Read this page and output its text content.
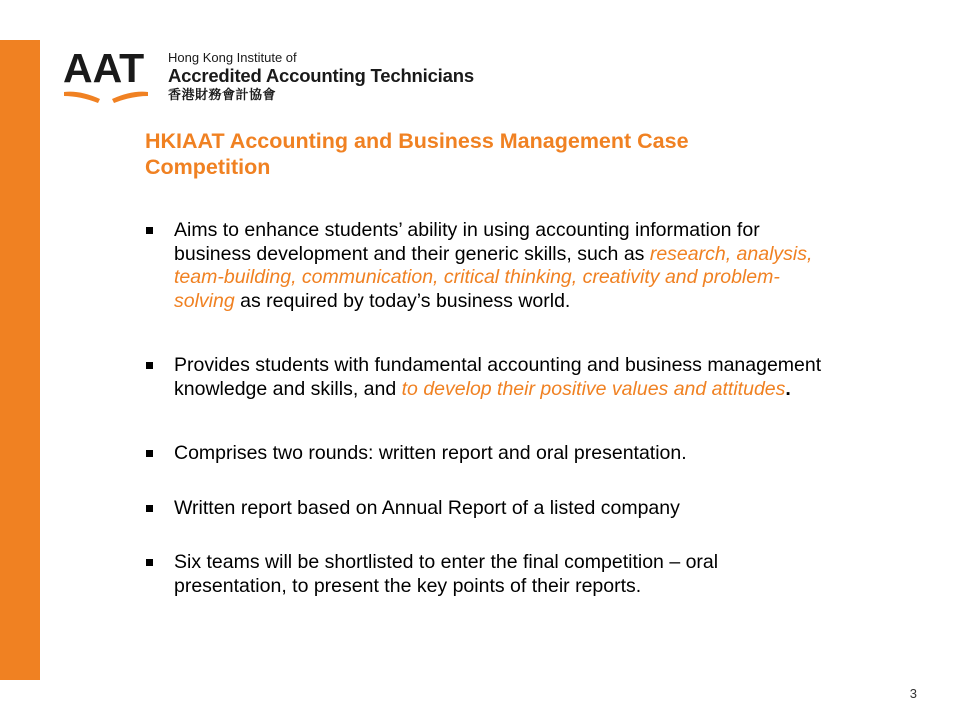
AAT Hong Kong Institute of
Accredited Accounting Technicians
香港財務會計協會
HKIAAT Accounting and Business Management Case
Competition
Aims to enhance students’ ability in using accounting information for business development and their generic skills, such as research, analysis, team-building, communication, critical thinking, creativity and problem-solving as required by today’s business world.
Provides students with fundamental accounting and business management knowledge and skills, and to develop their positive values and attitudes.
Comprises two rounds: written report and oral presentation.
Written report based on Annual Report of a listed company
Six teams will be shortlisted to enter the final competition – oral presentation, to present the key points of their reports.
3
